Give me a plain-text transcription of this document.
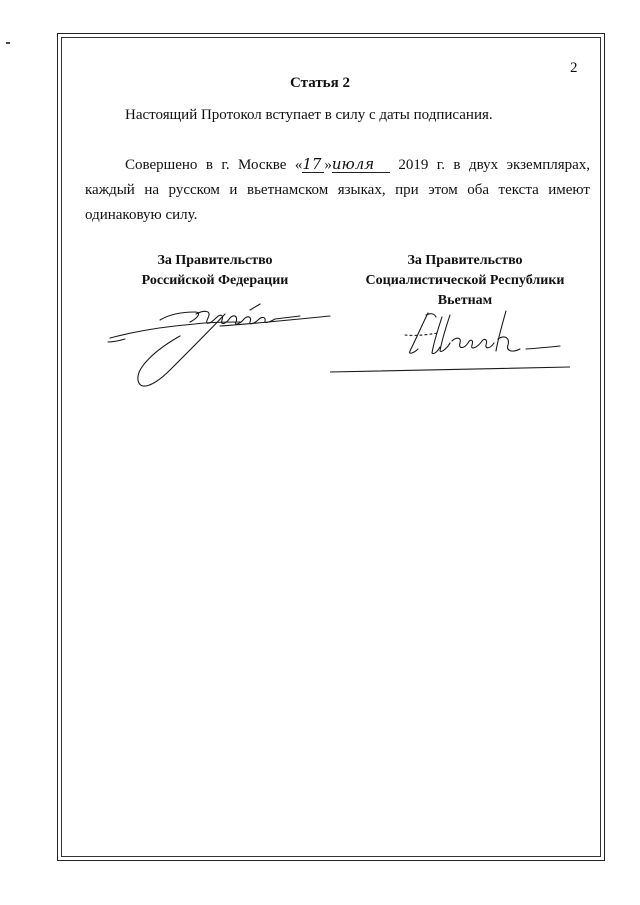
2
Статья 2
Настоящий Протокол вступает в силу с даты подписания.
Совершено в г. Москве «17 »июля 2019 г. в двух экземплярах,
каждый на русском и вьетнамском языках, при этом оба текста имеют
одинаковую силу.
За Правительство
Российской Федерации
За Правительство
Социалистической Республики
Вьетнам
